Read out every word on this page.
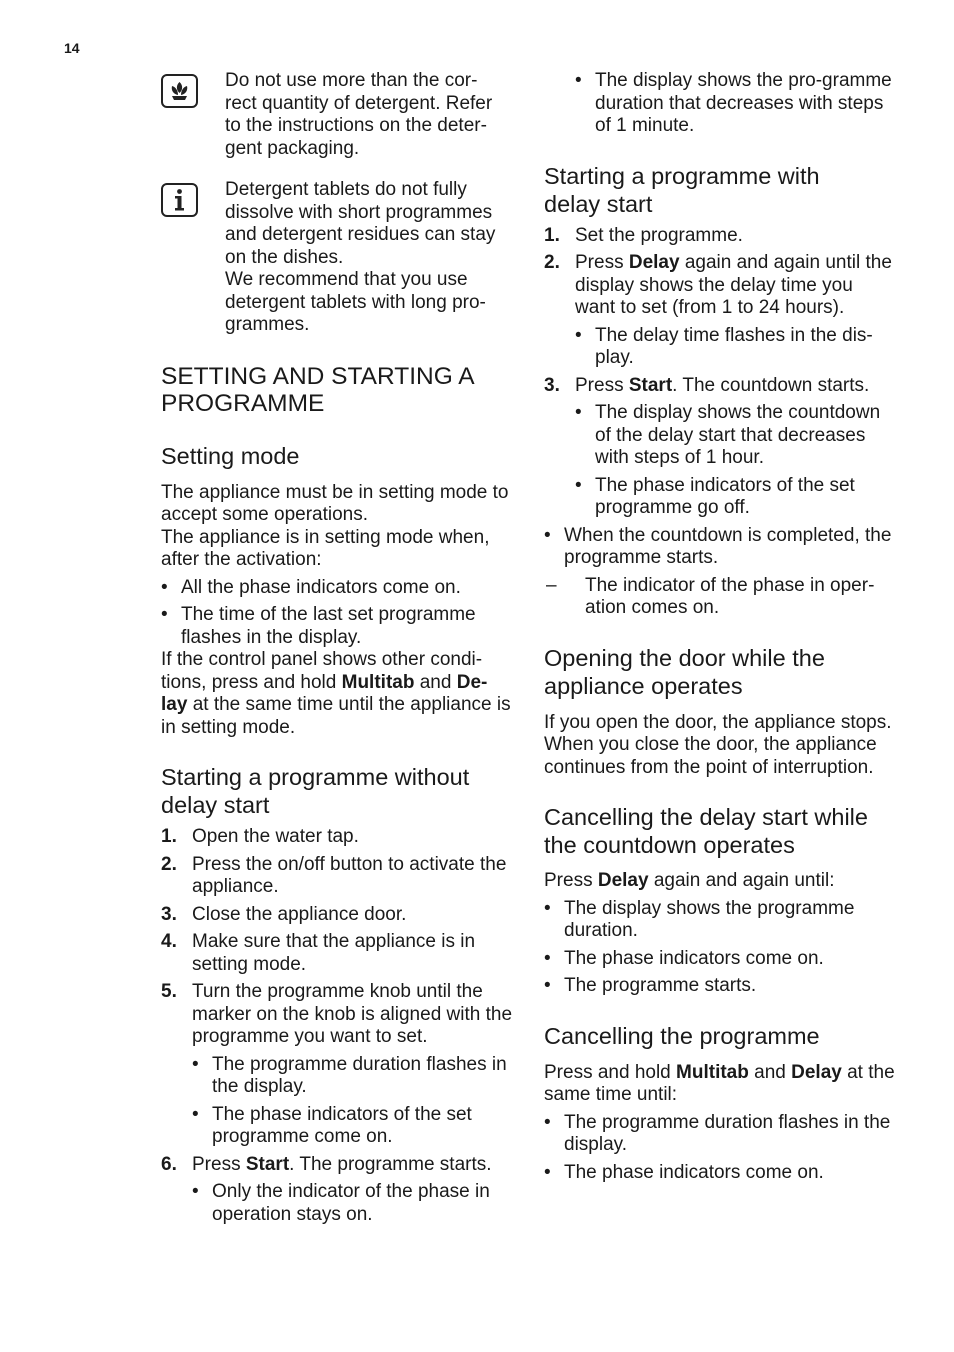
14
Do not use more than the cor-
rect quantity of detergent. Refer
to the instructions on the deter-
gent packaging.
Detergent tablets do not fully
dissolve with short programmes
and detergent residues can stay
on the dishes.
We recommend that you use
detergent tablets with long pro-
grammes.
SETTING AND STARTING A
PROGRAMME
Setting mode

The appliance must be in setting mode to accept some operations.

The appliance is in setting mode when, after the activation:

• All the phase indicators come on.
• The time of the last set programme flashes in the display.

If the control panel shows other condi-tions, press and hold Multitab and De-lay at the same time until the appliance is in setting mode.

Starting a programme without
delay start
1. Open the water tap.
2. Press the on/off button to activate the appliance.
3. Close the appliance door.
4. Make sure that the appliance is in setting mode.
5. Turn the programme knob until the marker on the knob is aligned with the programme you want to set.
• The programme duration flashes in the display.
• The phase indicators of the set programme come on.
6. Press Start. The programme starts.
• Only the indicator of the phase in operation stays on.
• The display shows the pro-gramme duration that decreases with steps of 1 minute.
Starting a programme with
delay start
1. Set the programme.
2. Press Delay again and again until the display shows the delay time you want to set (from 1 to 24 hours).
• The delay time flashes in the dis-play.
3. Press Start. The countdown starts.
• The display shows the countdown of the delay start that decreases with steps of 1 hour.
• The phase indicators of the set programme go off.
• When the countdown is completed, the programme starts.
– The indicator of the phase in oper-ation comes on.
Opening the door while the
appliance operates

If you open the door, the appliance stops. When you close the door, the appliance continues from the point of interruption.

Cancelling the delay start while
the countdown operates

Press Delay again and again until:

• The display shows the programme duration.
• The phase indicators come on.
• The programme starts.
Cancelling the programme

Press and hold Multitab and Delay at the same time until:

• The programme duration flashes in the display.
• The phase indicators come on.
